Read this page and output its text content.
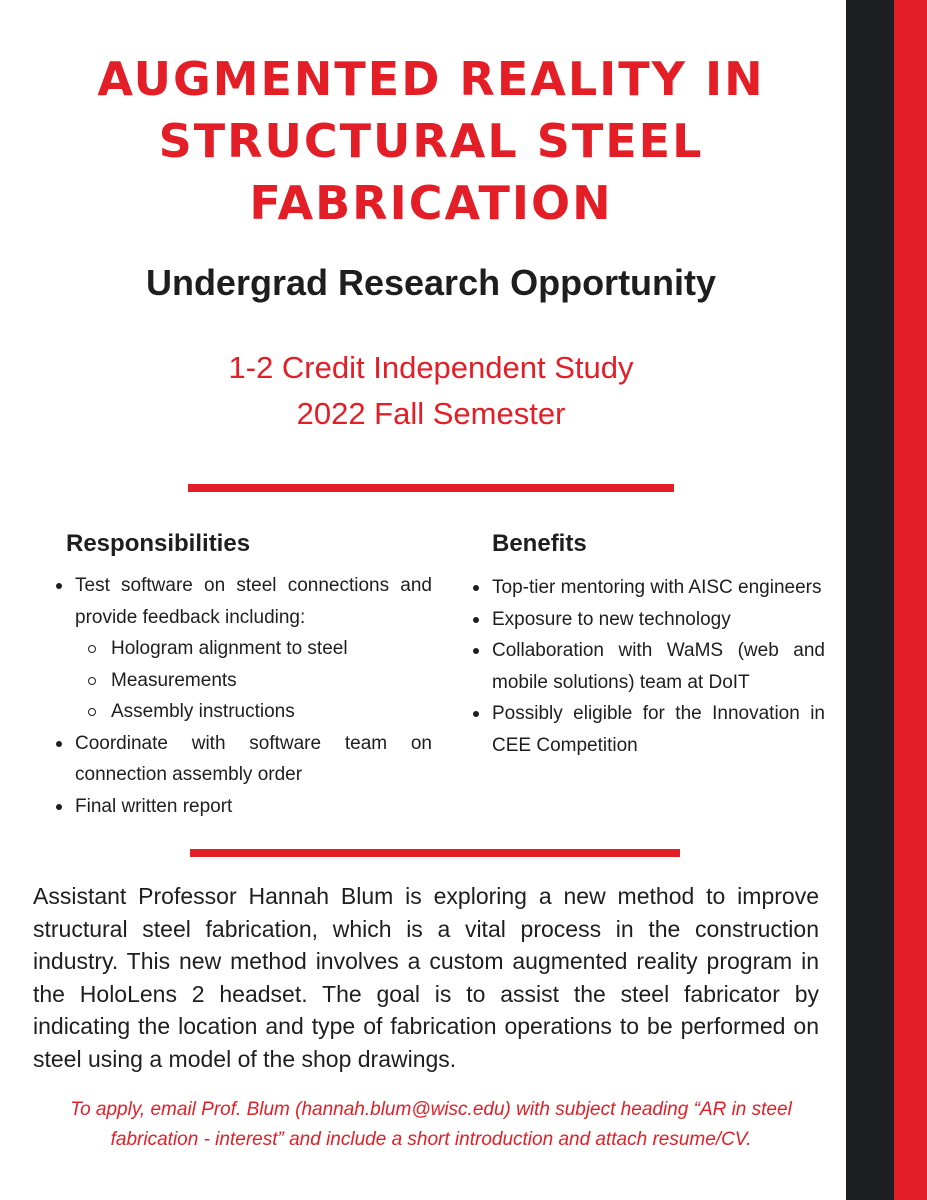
AUGMENTED REALITY IN
STRUCTURAL STEEL
FABRICATION
Undergrad Research Opportunity

1-2 Credit Independent Study

2022 Fall Semester

Responsibilities
Test software on steel connections and provide feedback including:
Hologram alignment to steel
Measurements
Assembly instructions
Coordinate with software team on connection assembly order
Final written report
Benefits
Top-tier mentoring with AISC engineers
Exposure to new technology
Collaboration with WaMS (web and mobile solutions) team at DoIT
Possibly eligible for the Innovation in CEE Competition

Assistant Professor Hannah Blum is exploring a new method to improve structural steel fabrication, which is a vital process in the construction industry. This new method involves a custom augmented reality program in the HoloLens 2 headset. The goal is to assist the steel fabricator by indicating the location and type of fabrication operations to be performed on steel using a model of the shop drawings.

To apply, email Prof. Blum (hannah.blum@wisc.edu) with subject heading “AR in steel
fabrication - interest” and include a short introduction and attach resume/CV.
